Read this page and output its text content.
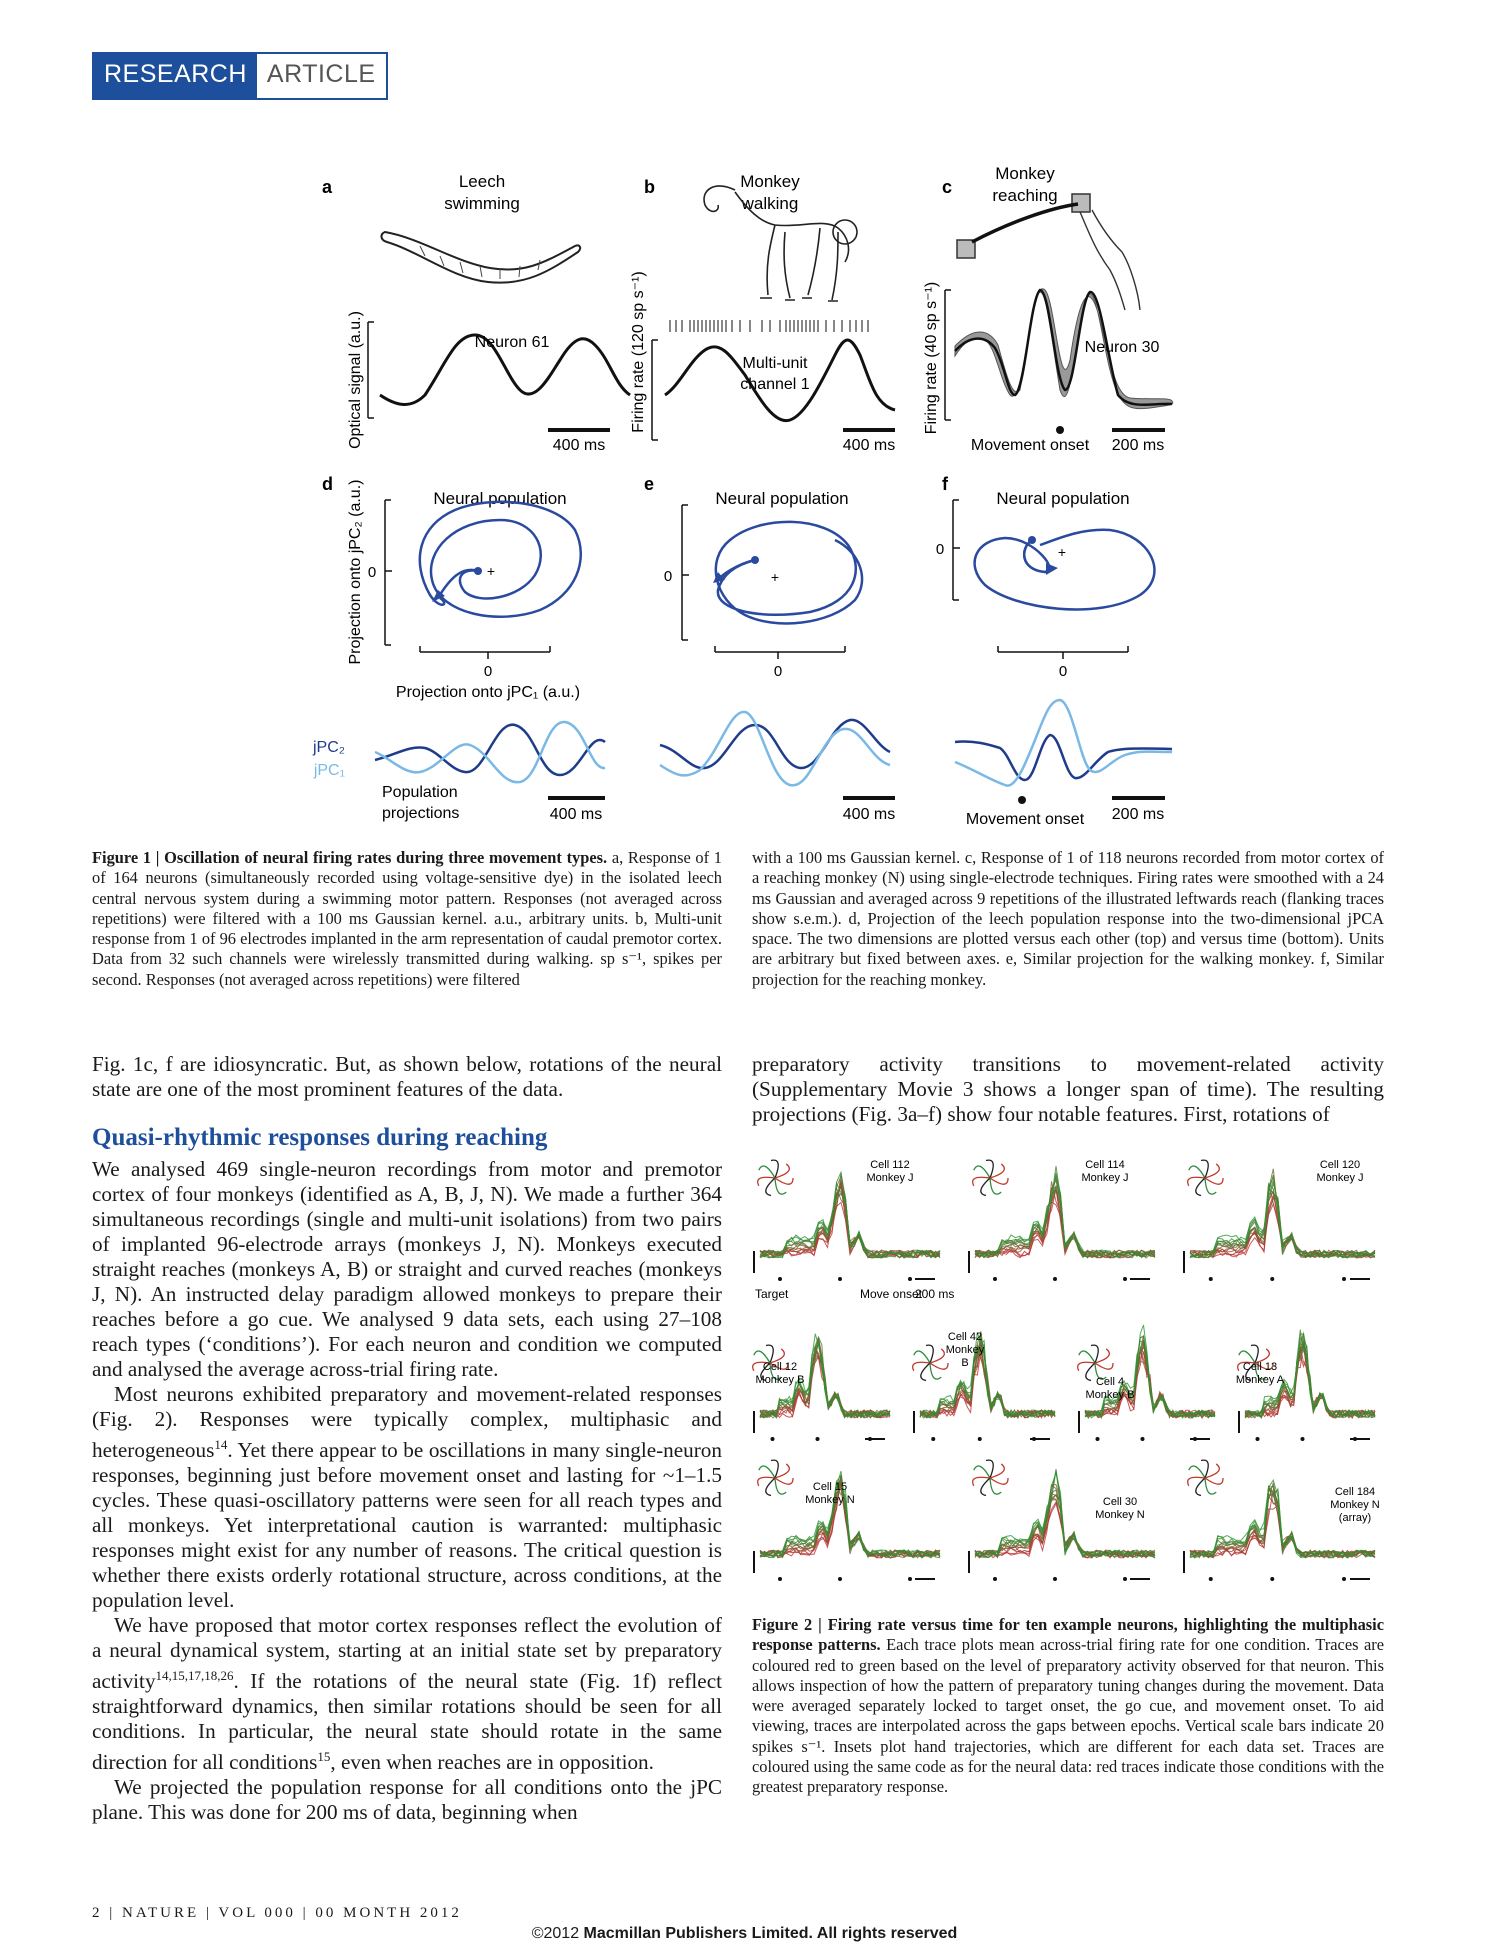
RESEARCH ARTICLE
a	b	c
d	e	f
Leech
swimming
Neuron 61
400 ms
Optical signal (a.u.)
Monkey
walking
Multi-unit
channel 1
400 ms
Firing rate (120 sp s⁻¹)
Monkey
reaching
Neuron 30
Movement onset 200 ms
Firing rate (40 sp s⁻¹)
Neural population
+
0
0
Projection onto jPC₁ (a.u.)
Projection onto jPC₂ (a.u.)	Neural population
+
0
0
Neural population
+
0
0
jPC₂
jPC₁
Population
projections	400 ms	400 ms	Movement onset 200 ms
Figure 1 | Oscillation of neural firing rates during three movement types. a, Response of 1 of 164 neurons (simultaneously recorded using voltage-sensitive dye) in the isolated leech central nervous system during a swimming motor pattern. Responses (not averaged across repetitions) were filtered with a 100 ms Gaussian kernel. a.u., arbitrary units. b, Multi-unit response from 1 of 96 electrodes implanted in the arm representation of caudal premotor cortex. Data from 32 such channels were wirelessly transmitted during walking. sp s⁻¹, spikes per second. Responses (not averaged across repetitions) were filtered
with a 100 ms Gaussian kernel. c, Response of 1 of 118 neurons recorded from motor cortex of a reaching monkey (N) using single-electrode techniques. Firing rates were smoothed with a 24 ms Gaussian and averaged across 9 repetitions of the illustrated leftwards reach (flanking traces show s.e.m.). d, Projection of the leech population response into the two-dimensional jPCA space. The two dimensions are plotted versus each other (top) and versus time (bottom). Units are arbitrary but fixed between axes. e, Similar projection for the walking monkey. f, Similar projection for the reaching monkey.

Fig. 1c, f are idiosyncratic. But, as shown below, rotations of the neural state are one of the most prominent features of the data.

Quasi-rhythmic responses during reaching

We analysed 469 single-neuron recordings from motor and premotor cortex of four monkeys (identified as A, B, J, N). We made a further 364 simultaneous recordings (single and multi-unit isolations) from two pairs of implanted 96-electrode arrays (monkeys J, N). Monkeys executed straight reaches (monkeys A, B) or straight and curved reaches (monkeys J, N). An instructed delay paradigm allowed monkeys to prepare their reaches before a go cue. We analysed 9 data sets, each using 27–108 reach types (‘conditions’). For each neuron and condition we computed and analysed the average across-trial firing rate.

Most neurons exhibited preparatory and movement-related responses (Fig. 2). Responses were typically complex, multiphasic and heterogeneous$^{14}$. Yet there appear to be oscillations in many single-neuron responses, beginning just before movement onset and lasting for ~1–1.5 cycles. These quasi-oscillatory patterns were seen for all reach types and all monkeys. Yet interpretational caution is warranted: multiphasic responses might exist for any number of reasons. The critical question is whether there exists orderly rotational structure, across conditions, at the population level.

We have proposed that motor cortex responses reflect the evolution of a neural dynamical system, starting at an initial state set by preparatory activity$^{14,15,17,18,26}$. If the rotations of the neural state (Fig. 1f) reflect straightforward dynamics, then similar rotations should be seen for all conditions. In particular, the neural state should rotate in the same direction for all conditions$^{15}$, even when reaches are in opposition.

We projected the population response for all conditions onto the jPC plane. This was done for 200 ms of data, beginning when

preparatory activity transitions to movement-related activity (Supplementary Movie 3 shows a longer span of time). The resulting projections (Fig. 3a–f) show four notable features. First, rotations of

Cell 112
Monkey J
Cell 114
Monkey J
Cell 120
Monkey J
Cell 12
Monkey B
Cell 42
Monkey
B
Cell 4
Monkey B
Cell 13
Monkey A
Cell 15
Monkey N	Cell 30
Monkey N
Cell 184
Monkey N
(array)
Target	Move onset
200 ms
Figure 2 | Firing rate versus time for ten example neurons, highlighting the multiphasic response patterns. Each trace plots mean across-trial firing rate for one condition. Traces are coloured red to green based on the level of preparatory activity observed for that neuron. This allows inspection of how the pattern of preparatory tuning changes during the movement. Data were averaged separately locked to target onset, the go cue, and movement onset. To aid viewing, traces are interpolated across the gaps between epochs. Vertical scale bars indicate 20 spikes s⁻¹. Insets plot hand trajectories, which are different for each data set. Traces are coloured using the same code as for the neural data: red traces indicate those conditions with the greatest preparatory response.
2 | NATURE | VOL 000 | 00 MONTH 2012
©2012 Macmillan Publishers Limited. All rights reserved
